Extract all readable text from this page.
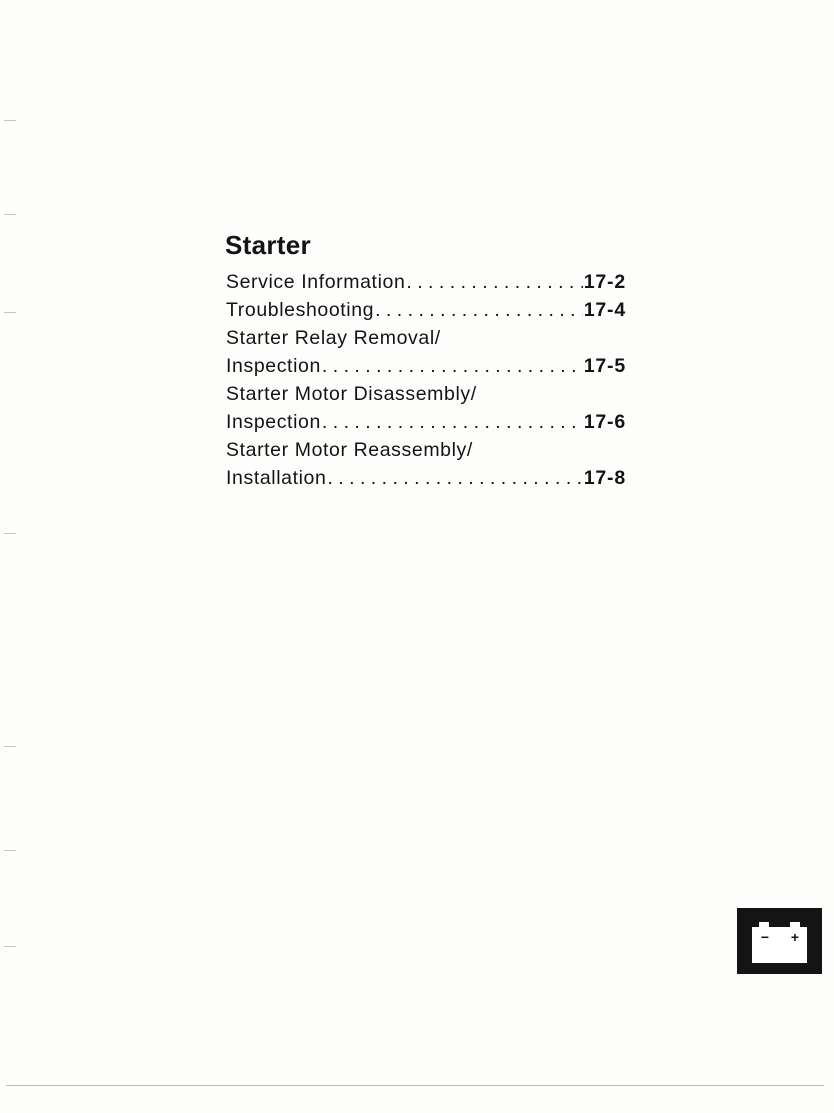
Starter
Service Information . . .	17-2
Troubleshooting . . .	17-4
Starter Relay Removal/
Inspection . . .	17-5
Starter Motor Disassembly/
Inspection . . .	17-6
Starter Motor Reassembly/
Installation . . .	17-8
− +
